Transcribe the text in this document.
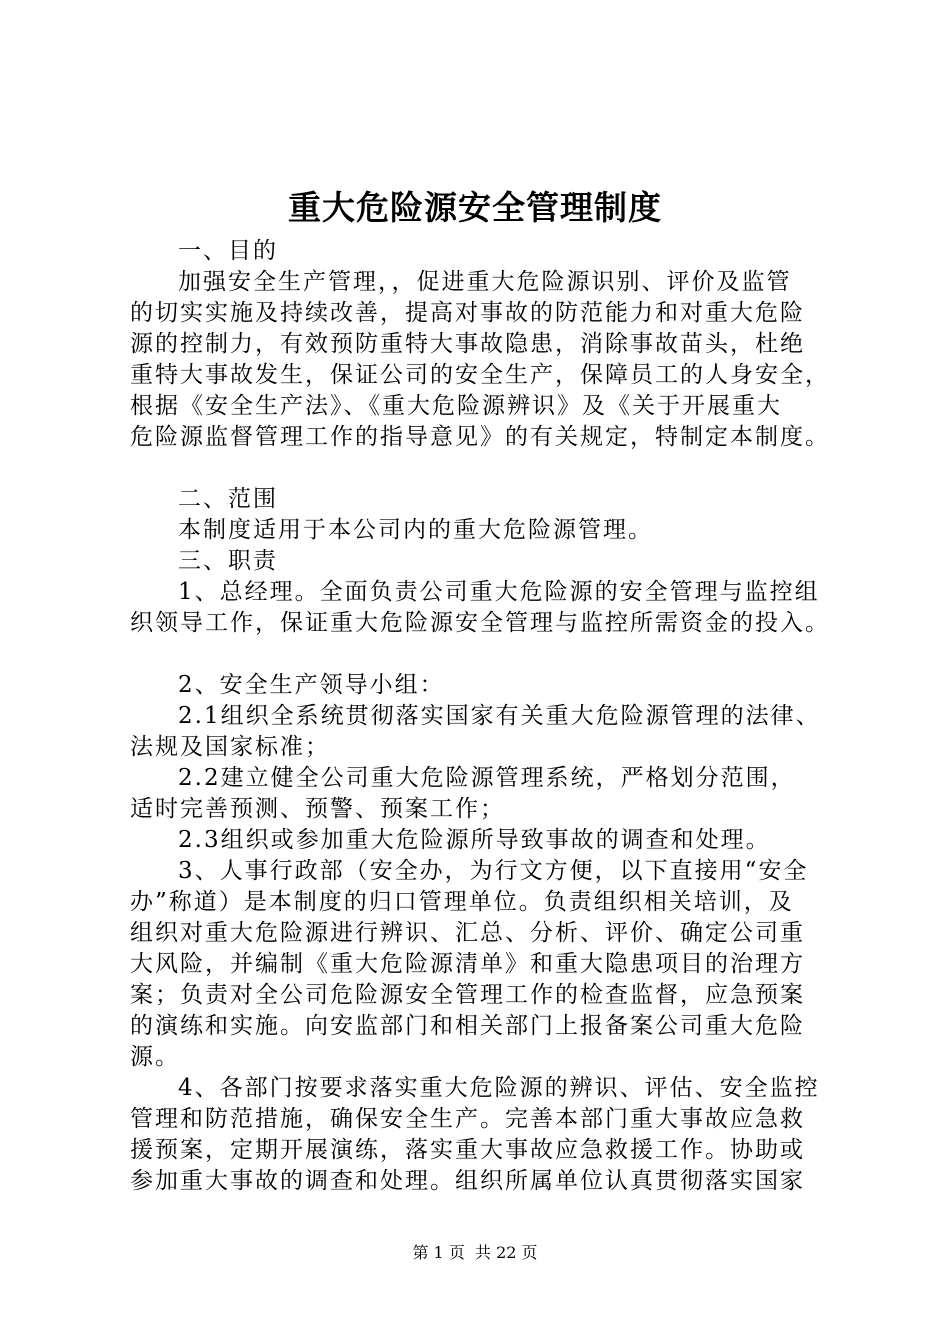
重大危险源安全管理制度

一、目的

加强安全生产管理，，促进重大危险源识别、评价及监管

的切实实施及持续改善，提高对事故的防范能力和对重大危险

源的控制力，有效预防重特大事故隐患，消除事故苗头，杜绝

重特大事故发生，保证公司的安全生产，保障员工的人身安全，

根据《安全生产法》、《重大危险源辨识》及《关于开展重大

危险源监督管理工作的指导意见》的有关规定，特制定本制度。

二、范围

本制度适用于本公司内的重大危险源管理。

三、职责

1、总经理。全面负责公司重大危险源的安全管理与监控组

织领导工作，保证重大危险源安全管理与监控所需资金的投入。

2、安全生产领导小组：

2.1组织全系统贯彻落实国家有关重大危险源管理的法律、

法规及国家标准；

2.2建立健全公司重大危险源管理系统，严格划分范围，

适时完善预测、预警、预案工作；

2.3组织或参加重大危险源所导致事故的调查和处理。

3、人事行政部（安全办，为行文方便，以下直接用“安全

办”称道）是本制度的归口管理单位。负责组织相关培训，及

组织对重大危险源进行辨识、汇总、分析、评价、确定公司重

大风险，并编制《重大危险源清单》和重大隐患项目的治理方

案；负责对全公司危险源安全管理工作的检查监督，应急预案

的演练和实施。向安监部门和相关部门上报备案公司重大危险

源。

4、各部门按要求落实重大危险源的辨识、评估、安全监控

管理和防范措施，确保安全生产。完善本部门重大事故应急救

援预案，定期开展演练，落实重大事故应急救援工作。协助或

参加重大事故的调查和处理。组织所属单位认真贯彻落实国家

第 1 页  共 22 页
